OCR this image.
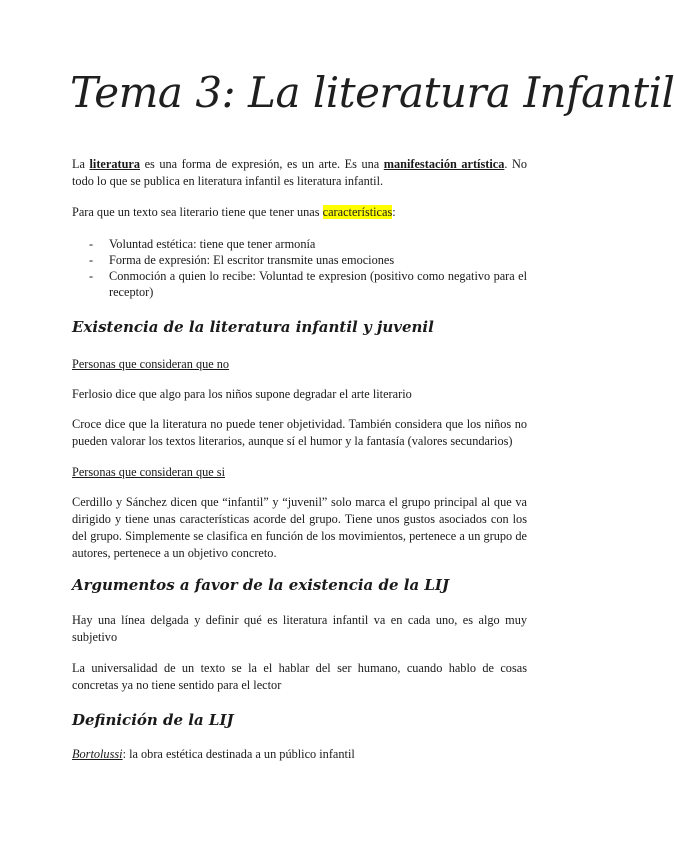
Tema 3: La literatura Infantil

La literatura es una forma de expresión, es un arte. Es una manifestación artística. No todo lo que se publica en literatura infantil es literatura infantil.

Para que un texto sea literario tiene que tener unas características:

- Voluntad estética: tiene que tener armonía
- Forma de expresión: El escritor transmite unas emociones
- Conmoción a quien lo recibe: Voluntad te expresion (positivo como negativo para el receptor)
Existencia de la literatura infantil y juvenil

Personas que consideran que no

Ferlosio dice que algo para los niños supone degradar el arte literario

Croce dice que la literatura no puede tener objetividad. También considera que los niños no pueden valorar los textos literarios, aunque sí el humor y la fantasía (valores secundarios)

Personas que consideran que si

Cerdillo y Sánchez dicen que “infantil” y “juvenil” solo marca el grupo principal al que va dirigido y tiene unas características acorde del grupo. Tiene unos gustos asociados con los del grupo. Simplemente se clasifica en función de los movimientos, pertenece a un grupo de autores, pertenece a un objetivo concreto.

Argumentos a favor de la existencia de la LIJ

Hay una línea delgada y definir qué es literatura infantil va en cada uno, es algo muy subjetivo

La universalidad de un texto se la el hablar del ser humano, cuando hablo de cosas concretas ya no tiene sentido para el lector

Definición de la LIJ

Bortolussi: la obra estética destinada a un público infantil
